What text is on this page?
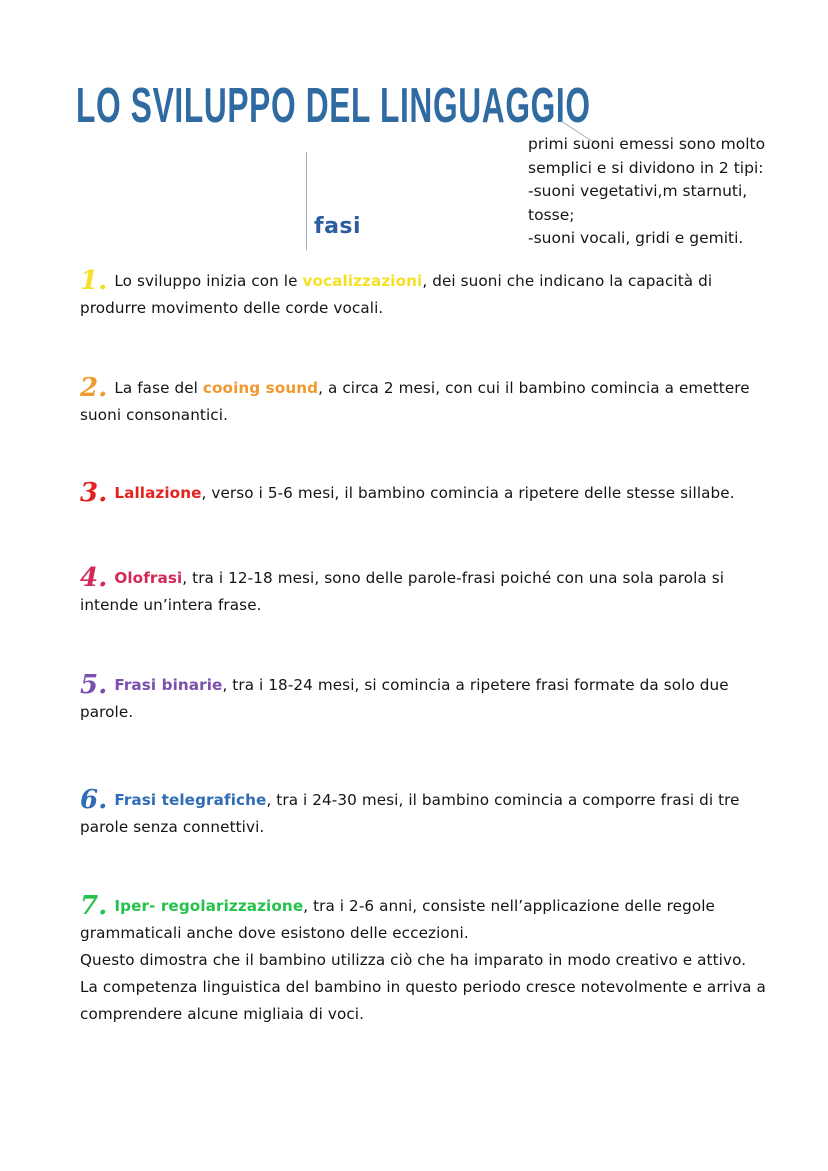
LO SVILUPPO DEL LINGUAGGIO
fasi
primi suoni emessi sono molto
semplici e si dividono in 2 tipi:
-suoni vegetativi,m starnuti,
tosse;
-suoni vocali, gridi e gemiti.

1. Lo sviluppo inizia con le vocalizzazioni, dei suoni che indicano la capacità di produrre movimento delle corde vocali.

2. La fase del cooing sound, a circa 2 mesi, con cui il bambino comincia a emettere suoni consonantici.

3. Lallazione, verso i 5-6 mesi, il bambino comincia a ripetere delle stesse sillabe.

4. Olofrasi, tra i 12-18 mesi, sono delle parole-frasi poiché con una sola parola si intende un’intera frase.

5. Frasi binarie, tra i 18-24 mesi, si comincia a ripetere frasi formate da solo due parole.

6. Frasi telegrafiche, tra i 24-30 mesi, il bambino comincia a comporre frasi di tre parole senza connettivi.

7. Iper- regolarizzazione, tra i 2-6 anni, consiste nell’applicazione delle regole grammaticali anche dove esistono delle eccezioni.
Questo dimostra che il bambino utilizza ciò che ha imparato in modo creativo e attivo.
La competenza linguistica del bambino in questo periodo cresce notevolmente e arriva a comprendere alcune migliaia di voci.
